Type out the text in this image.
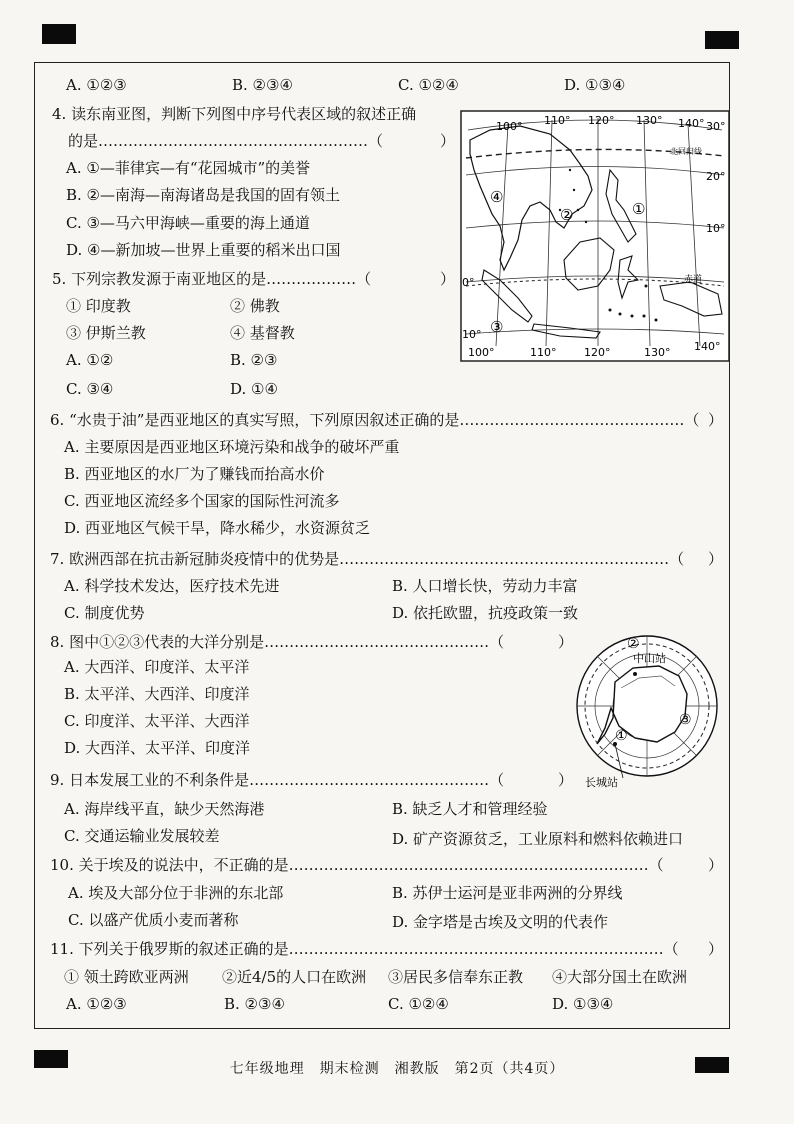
A. ①②③	B. ②③④	C. ①②④	D. ①③④
4. 读东南亚图，判断下列图中序号代表区域的叙述正确
的是………………………………………………（	）
A. ①—菲律宾—有“花园城市”的美誉
B. ②—南海—南海诸岛是我国的固有领土
C. ③—马六甲海峡—重要的海上通道
D. ④—新加坡—世界上重要的稻米出口国
100° 110° 120° 130° 140°
100°	110°	120°	130° 140°
30°
20°
10°
0°
10°
北回归线
赤道
①
②
③
④
5. 下列宗教发源于南亚地区的是………………（	）
① 印度教	② 佛教
③ 伊斯兰教	④ 基督教
A. ①②	B. ②③
C. ③④	D. ①④
6. “水贵于油”是西亚地区的真实写照，下列原因叙述正确的是………………………………………（ ）
A. 主要原因是西亚地区环境污染和战争的破坏严重
B. 西亚地区的水厂为了赚钱而抬高水价
C. 西亚地区流经多个国家的国际性河流多
D. 西亚地区气候干旱，降水稀少，水资源贫乏
7. 欧洲西部在抗击新冠肺炎疫情中的优势是…………………………………………………………（ ）
A. 科学技术发达，医疗技术先进	B. 人口增长快，劳动力丰富
C. 制度优势	D. 依托欧盟，抗疫政策一致
8. 图中①②③代表的大洋分别是………………………………………（	）
A. 大西洋、印度洋、太平洋
B. 太平洋、大西洋、印度洋
C. 印度洋、太平洋、大西洋
D. 大西洋、太平洋、印度洋
中山站
②
③
①
长城站
9. 日本发展工业的不利条件是…………………………………………（	）
A. 海岸线平直，缺少天然海港	B. 缺乏人才和管理经验
C. 交通运输业发展较差	D. 矿产资源贫乏，工业原料和燃料依赖进口
10. 关于埃及的说法中，不正确的是………………………………………………………………（	）
A. 埃及大部分位于非洲的东北部	B. 苏伊士运河是亚非两洲的分界线
C. 以盛产优质小麦而著称	D. 金字塔是古埃及文明的代表作
11. 下列关于俄罗斯的叙述正确的是…………………………………………………………………（ ）
① 领土跨欧亚两洲 ②近4/5的人口在欧洲 ③居民多信奉东正教 ④大部分国土在欧洲
A. ①②③	B. ②③④	C. ①②④	D. ①③④
七年级地理　期末检测　湘教版　第2页（共4页）
